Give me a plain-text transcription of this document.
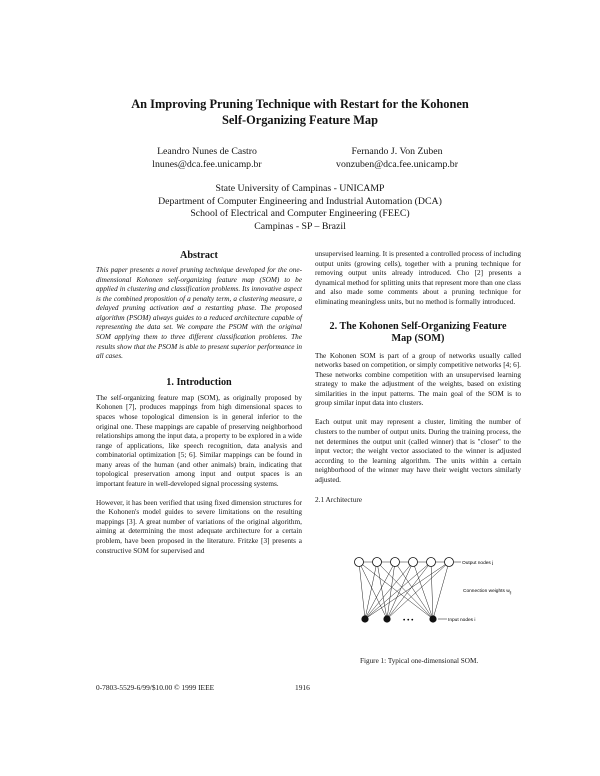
An Improving Pruning Technique with Restart for the Kohonen
Self-Organizing Feature Map
Leandro Nunes de Castro
lnunes@dca.fee.unicamp.br
Fernando J. Von Zuben
vonzuben@dca.fee.unicamp.br
State University of Campinas - UNICAMP
Department of Computer Engineering and Industrial Automation (DCA)
School of Electrical and Computer Engineering (FEEC)
Campinas - SP – Brazil
Abstract

This paper presents a novel pruning technique developed for the one-dimensional Kohonen self-organizing feature map (SOM) to be applied in clustering and classification problems. Its innovative aspect is the combined proposition of a penalty term, a clustering measure, a delayed pruning activation and a restarting phase. The proposed algorithm (PSOM) always guides to a reduced architecture capable of representing the data set. We compare the PSOM with the original SOM applying them to three different classification problems. The results show that the PSOM is able to present superior performance in all cases.

1. Introduction

The self-organizing feature map (SOM), as originally proposed by Kohonen [7], produces mappings from high dimensional spaces to spaces whose topological dimension is in general inferior to the original one. These mappings are capable of preserving neighborhood relationships among the input data, a property to be explored in a wide range of applications, like speech recognition, data analysis and combinatorial optimization [5; 6]. Similar mappings can be found in many areas of the human (and other animals) brain, indicating that topological preservation among input and output spaces is an important feature in well-developed signal processing systems.

However, it has been verified that using fixed dimension structures for the Kohonen's model guides to severe limitations on the resulting mappings [3]. A great number of variations of the original algorithm, aiming at determining the most adequate architecture for a certain problem, have been proposed in the literature. Fritzke [3] presents a constructive SOM for supervised and

unsupervised learning. It is presented a controlled process of including output units (growing cells), together with a pruning technique for removing output units already introduced. Cho [2] presents a dynamical method for splitting units that represent more than one class and also made some comments about a pruning technique for eliminating meaningless units, but no method is formally introduced.

2. The Kohonen Self-Organizing Feature
Map (SOM)

The Kohonen SOM is part of a group of networks usually called networks based on competition, or simply competitive networks [4; 6]. These networks combine competition with an unsupervised learning strategy to make the adjustment of the weights, based on existing similarities in the input patterns. The main goal of the SOM is to group similar input data into clusters.

Each output unit may represent a cluster, limiting the number of clusters to the number of output units. During the training process, the net determines the output unit (called winner) that is "closer" to the input vector; the weight vector associated to the winner is adjusted according to the learning algorithm. The units within a certain neighborhood of the winner may have their weight vectors similarly adjusted.

2.1 Architecture
• • •
Output nodes j
Connection weights $w_{ij}$
Input nodes i
Figure 1: Typical one-dimensional SOM.
0-7803-5529-6/99/$10.00 © 1999 IEEE	1916
